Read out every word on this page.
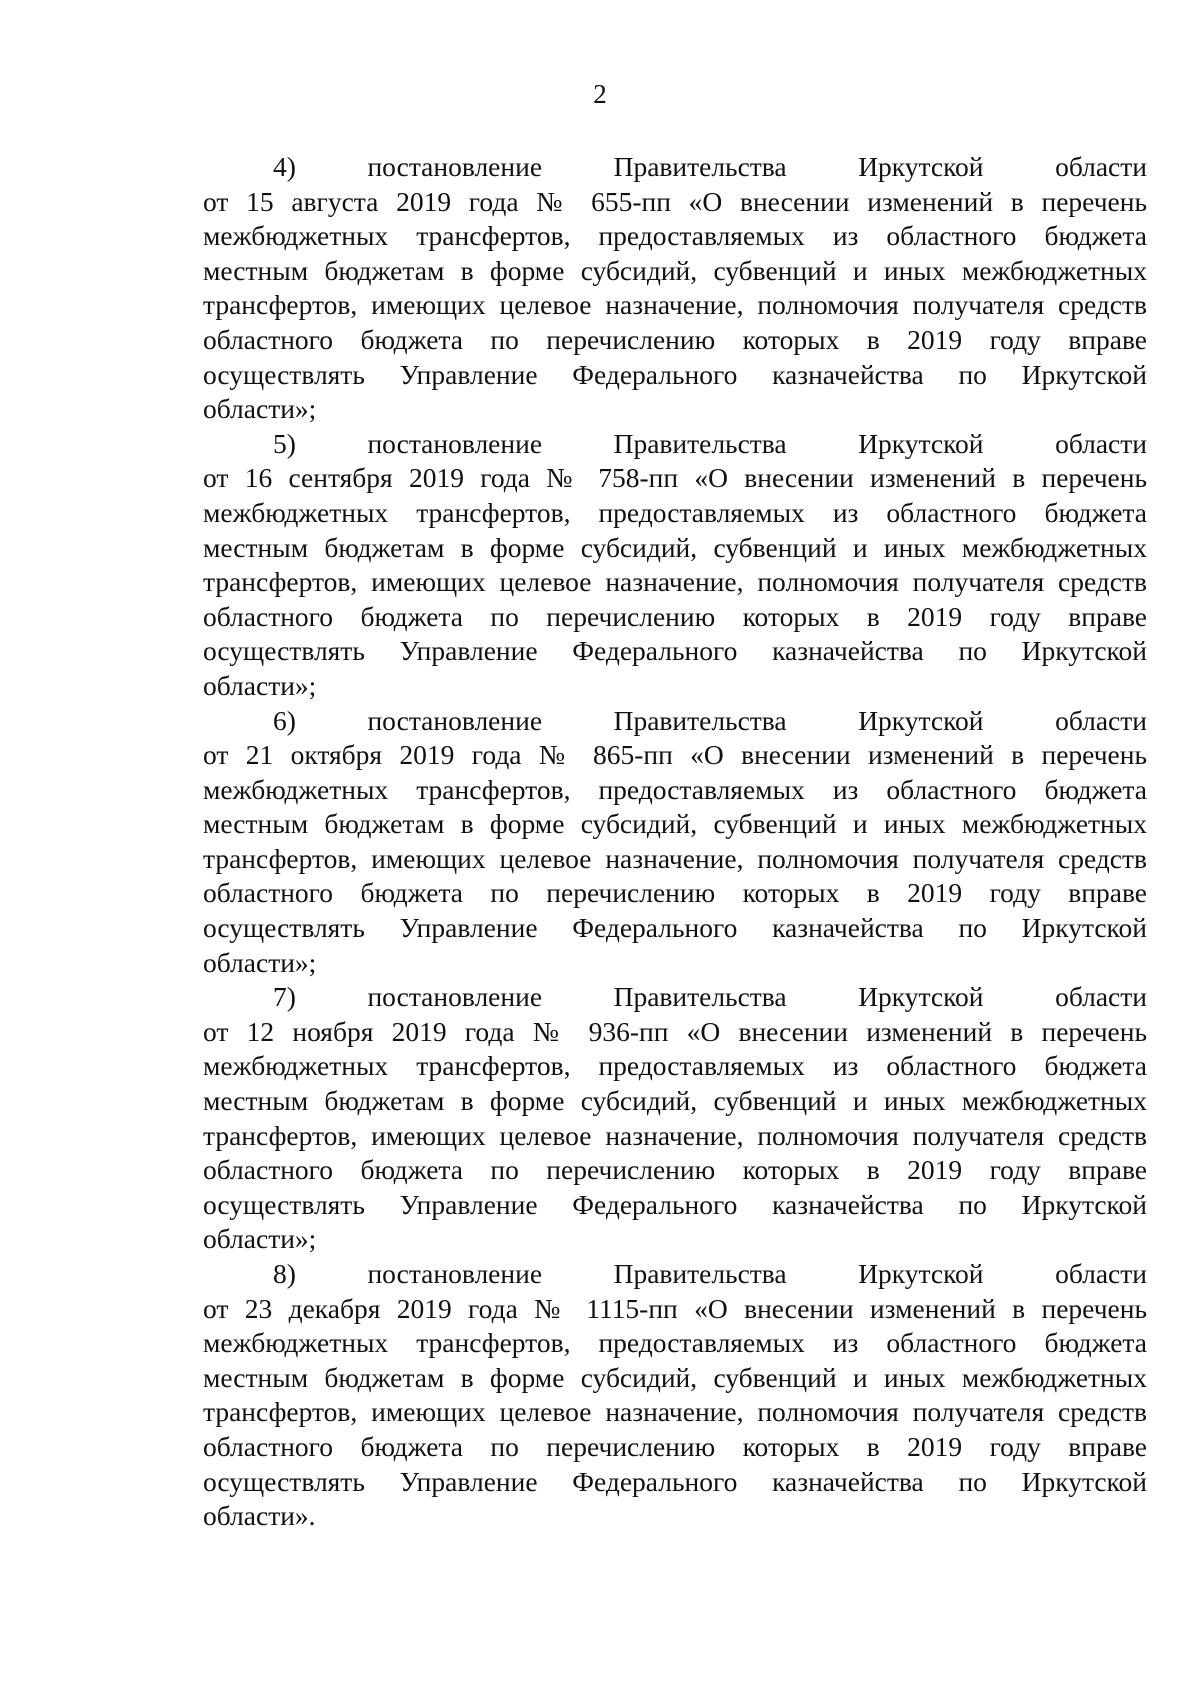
2

4) постановление Правительства Иркутской области
от 15 августа 2019 года № 655-пп «О внесении изменений в перечень
межбюджетных трансфертов, предоставляемых из областного бюджета
местным бюджетам в форме субсидий, субвенций и иных межбюджетных
трансфертов, имеющих целевое назначение, полномочия получателя средств
областного бюджета по перечислению которых в 2019 году вправе
осуществлять Управление Федерального казначейства по Иркутской
области»;

5) постановление Правительства Иркутской области
от 16 сентября 2019 года № 758-пп «О внесении изменений в перечень
межбюджетных трансфертов, предоставляемых из областного бюджета
местным бюджетам в форме субсидий, субвенций и иных межбюджетных
трансфертов, имеющих целевое назначение, полномочия получателя средств
областного бюджета по перечислению которых в 2019 году вправе
осуществлять Управление Федерального казначейства по Иркутской
области»;

6) постановление Правительства Иркутской области
от 21 октября 2019 года № 865-пп «О внесении изменений в перечень
межбюджетных трансфертов, предоставляемых из областного бюджета
местным бюджетам в форме субсидий, субвенций и иных межбюджетных
трансфертов, имеющих целевое назначение, полномочия получателя средств
областного бюджета по перечислению которых в 2019 году вправе
осуществлять Управление Федерального казначейства по Иркутской
области»;

7) постановление Правительства Иркутской области
от 12 ноября 2019 года № 936-пп «О внесении изменений в перечень
межбюджетных трансфертов, предоставляемых из областного бюджета
местным бюджетам в форме субсидий, субвенций и иных межбюджетных
трансфертов, имеющих целевое назначение, полномочия получателя средств
областного бюджета по перечислению которых в 2019 году вправе
осуществлять Управление Федерального казначейства по Иркутской
области»;

8) постановление Правительства Иркутской области
от 23 декабря 2019 года № 1115-пп «О внесении изменений в перечень
межбюджетных трансфертов, предоставляемых из областного бюджета
местным бюджетам в форме субсидий, субвенций и иных межбюджетных
трансфертов, имеющих целевое назначение, полномочия получателя средств
областного бюджета по перечислению которых в 2019 году вправе
осуществлять Управление Федерального казначейства по Иркутской
области».
